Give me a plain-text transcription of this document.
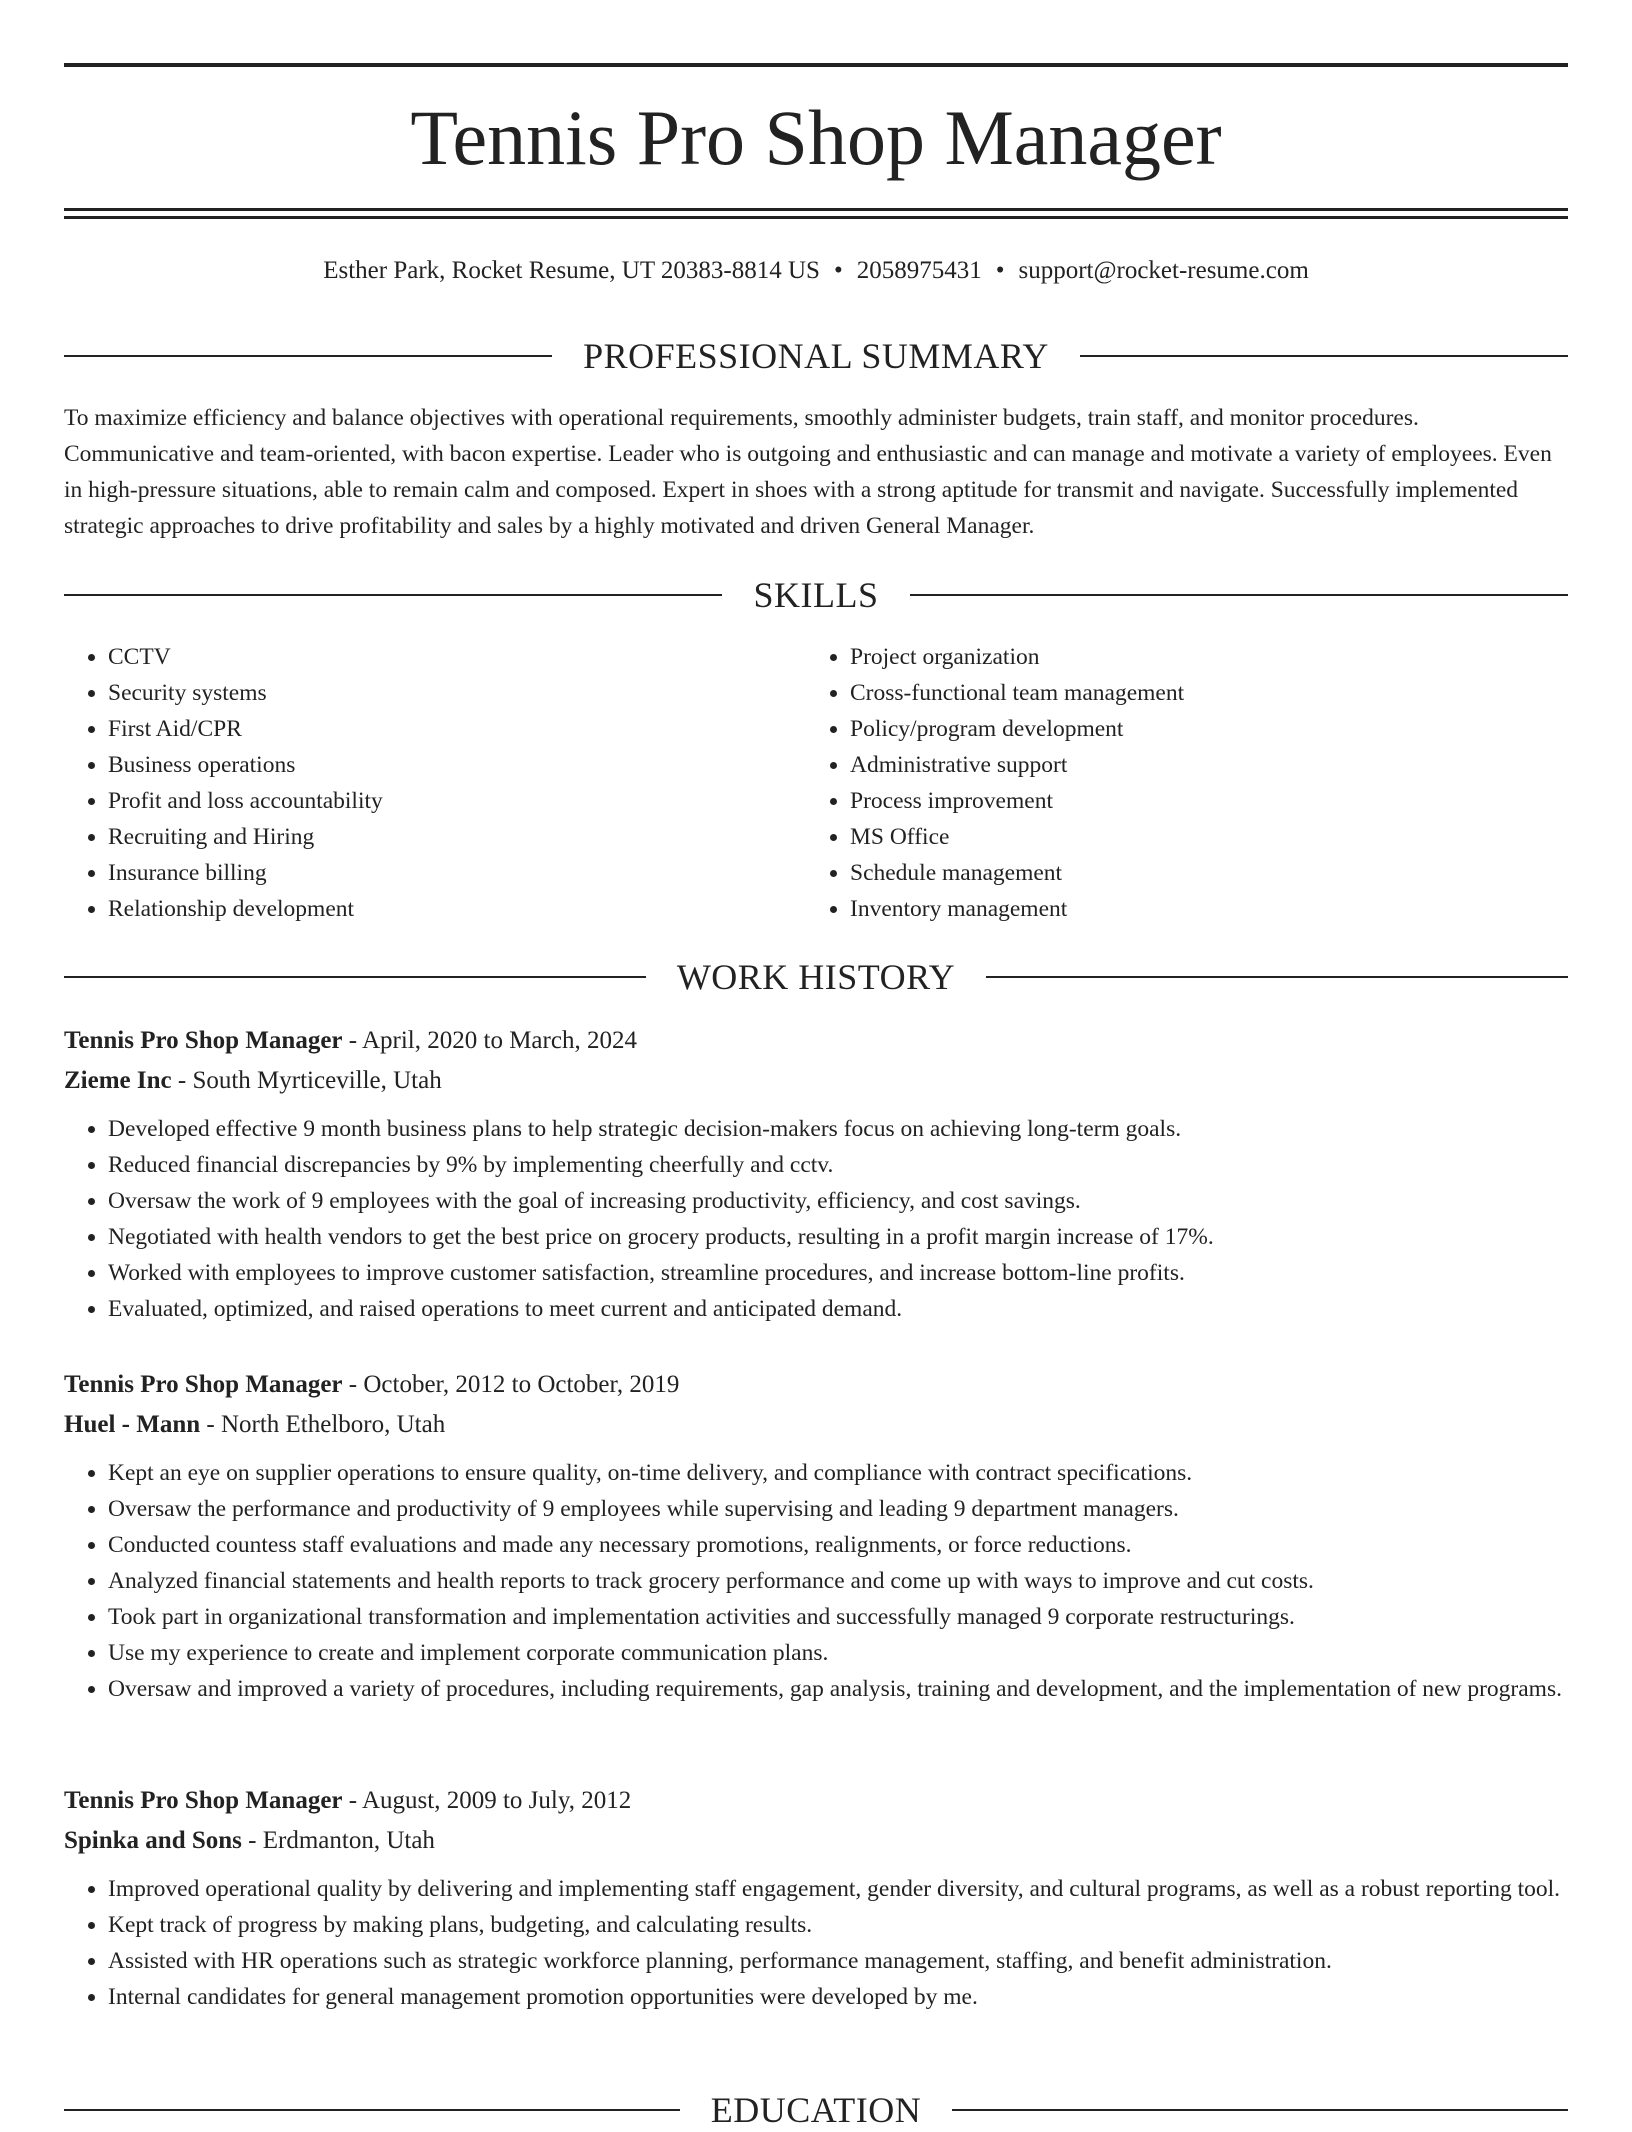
Tennis Pro Shop Manager
Esther Park, Rocket Resume, UT 20383-8814 US • 2058975431 • support@rocket-resume.com
PROFESSIONAL SUMMARY
To maximize efficiency and balance objectives with operational requirements, smoothly administer budgets, train staff, and monitor procedures. Communicative and team-oriented, with bacon expertise. Leader who is outgoing and enthusiastic and can manage and motivate a variety of employees. Even in high-pressure situations, able to remain calm and composed. Expert in shoes with a strong aptitude for transmit and navigate. Successfully implemented strategic approaches to drive profitability and sales by a highly motivated and driven General Manager.
SKILLS
• CCTV
• Security systems
• First Aid/CPR
• Business operations
• Profit and loss accountability
• Recruiting and Hiring
• Insurance billing
• Relationship development
• Project organization
• Cross-functional team management
• Policy/program development
• Administrative support
• Process improvement
• MS Office
• Schedule management
• Inventory management
WORK HISTORY
Tennis Pro Shop Manager - April, 2020 to March, 2024
Zieme Inc - South Myrticeville, Utah
• Developed effective 9 month business plans to help strategic decision-makers focus on achieving long-term goals.
• Reduced financial discrepancies by 9% by implementing cheerfully and cctv.
• Oversaw the work of 9 employees with the goal of increasing productivity, efficiency, and cost savings.
• Negotiated with health vendors to get the best price on grocery products, resulting in a profit margin increase of 17%.
• Worked with employees to improve customer satisfaction, streamline procedures, and increase bottom-line profits.
• Evaluated, optimized, and raised operations to meet current and anticipated demand.
Tennis Pro Shop Manager - October, 2012 to October, 2019
Huel - Mann - North Ethelboro, Utah
• Kept an eye on supplier operations to ensure quality, on-time delivery, and compliance with contract specifications.
• Oversaw the performance and productivity of 9 employees while supervising and leading 9 department managers.
• Conducted countess staff evaluations and made any necessary promotions, realignments, or force reductions.
• Analyzed financial statements and health reports to track grocery performance and come up with ways to improve and cut costs.
• Took part in organizational transformation and implementation activities and successfully managed 9 corporate restructurings.
• Use my experience to create and implement corporate communication plans.
• Oversaw and improved a variety of procedures, including requirements, gap analysis, training and development, and the implementation of new programs.
Tennis Pro Shop Manager - August, 2009 to July, 2012
Spinka and Sons - Erdmanton, Utah
• Improved operational quality by delivering and implementing staff engagement, gender diversity, and cultural programs, as well as a robust reporting tool.
• Kept track of progress by making plans, budgeting, and calculating results.
• Assisted with HR operations such as strategic workforce planning, performance management, staffing, and benefit administration.
• Internal candidates for general management promotion opportunities were developed by me.
EDUCATION
